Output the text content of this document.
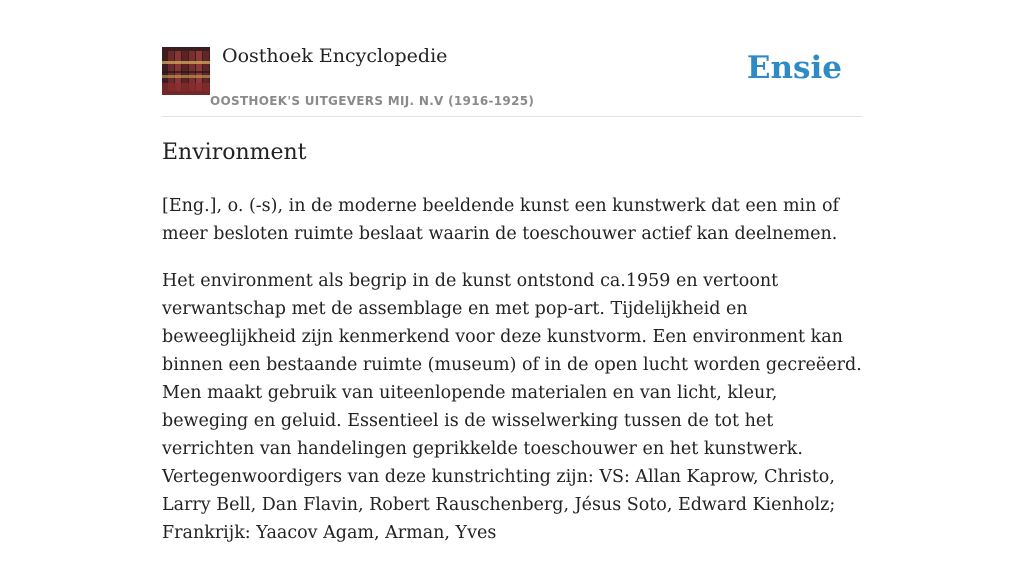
Oosthoek Encyclopedie
OOSTHOEK'S UITGEVERS MIJ. N.V (1916-1925)
Ensie
Environment

[Eng.], o. (-s), in de moderne beeldende kunst een kunstwerk dat een min of meer besloten ruimte beslaat waarin de toeschouwer actief kan deelnemen.

Het environment als begrip in de kunst ontstond ca.1959 en vertoont verwantschap met de assemblage en met pop-art. Tijdelijkheid en beweeglijkheid zijn kenmerkend voor deze kunstvorm. Een environment kan binnen een bestaande ruimte (museum) of in de open lucht worden gecreëerd. Men maakt gebruik van uiteenlopende materialen en van licht, kleur, beweging en geluid. Essentieel is de wisselwerking tussen de tot het verrichten van handelingen geprikkelde toeschouwer en het kunstwerk. Vertegenwoordigers van deze kunstrichting zijn: VS: Allan Kaprow, Christo, Larry Bell, Dan Flavin, Robert Rauschenberg, Jésus Soto, Edward Kienholz; Frankrijk: Yaacov Agam, Arman, Yves
